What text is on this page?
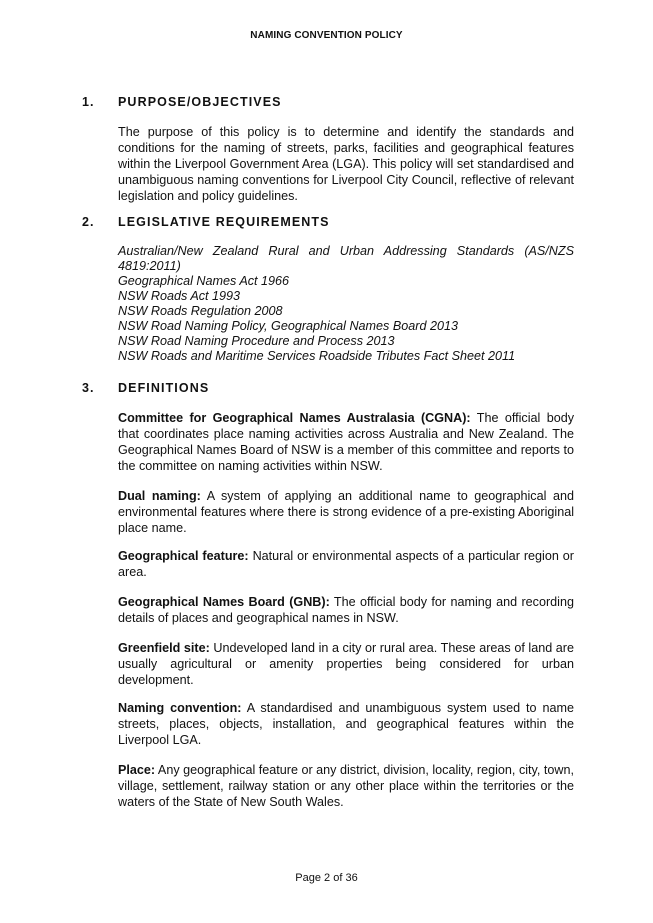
NAMING CONVENTION POLICY
1.	PURPOSE/OBJECTIVES
The purpose of this policy is to determine and identify the standards and conditions for the naming of streets, parks, facilities and geographical features within the Liverpool Government Area (LGA). This policy will set standardised and unambiguous naming conventions for Liverpool City Council, reflective of relevant legislation and policy guidelines.
2.	LEGISLATIVE REQUIREMENTS
Australian/New Zealand Rural and Urban Addressing Standards (AS/NZS 4819:2011)
Geographical Names Act 1966
NSW Roads Act 1993
NSW Roads Regulation 2008
NSW Road Naming Policy, Geographical Names Board 2013
NSW Road Naming Procedure and Process 2013
NSW Roads and Maritime Services Roadside Tributes Fact Sheet 2011
3.	DEFINITIONS
Committee for Geographical Names Australasia (CGNA): The official body that coordinates place naming activities across Australia and New Zealand. The Geographical Names Board of NSW is a member of this committee and reports to the committee on naming activities within NSW.
Dual naming: A system of applying an additional name to geographical and environmental features where there is strong evidence of a pre-existing Aboriginal place name.
Geographical feature: Natural or environmental aspects of a particular region or area.
Geographical Names Board (GNB): The official body for naming and recording details of places and geographical names in NSW.
Greenfield site: Undeveloped land in a city or rural area. These areas of land are usually agricultural or amenity properties being considered for urban development.
Naming convention: A standardised and unambiguous system used to name streets, places, objects, installation, and geographical features within the Liverpool LGA.
Place: Any geographical feature or any district, division, locality, region, city, town, village, settlement, railway station or any other place within the territories or the waters of the State of New South Wales.
Page 2 of 36
